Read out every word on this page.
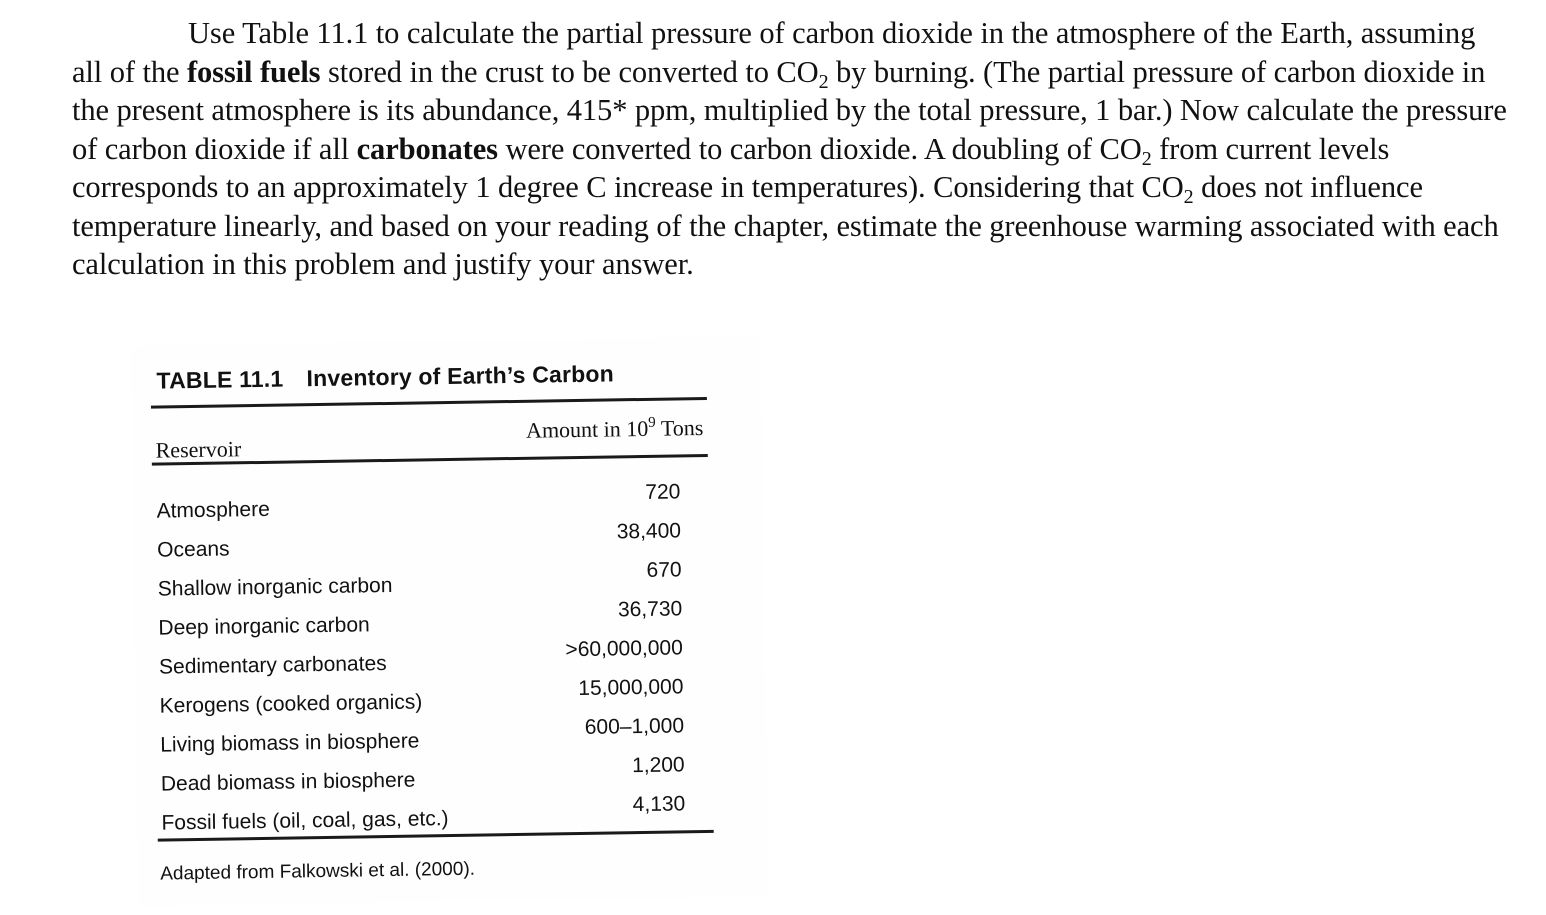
Use Table 11.1 to calculate the partial pressure of carbon dioxide in the atmosphere of the Earth, assuming all of the fossil fuels stored in the crust to be converted to $CO_2$ by burning. (The partial pressure of carbon dioxide in the present atmosphere is its abundance, 415* ppm, multiplied by the total pressure, 1 bar.) Now calculate the pressure of carbon dioxide if all carbonates were converted to carbon dioxide. A doubling of $CO_2$ from current levels corresponds to an approximately 1 degree C increase in temperatures). Considering that $CO_2$ does not influence temperature linearly, and based on your reading of the chapter, estimate the greenhouse warming associated with each calculation in this problem and justify your answer.

TABLE 11.1 Inventory of Earth’s Carbon
Reservoir
Amount in $10^9$ Tons
Atmosphere
720
Oceans
38,400
Shallow inorganic carbon
670
Deep inorganic carbon
36,730
Sedimentary carbonates
>60,000,000
Kerogens (cooked organics)
15,000,000
Living biomass in biosphere
600–1,000
Dead biomass in biosphere
1,200
Fossil fuels (oil, coal, gas, etc.)
4,130
Adapted from Falkowski et al. (2000).
